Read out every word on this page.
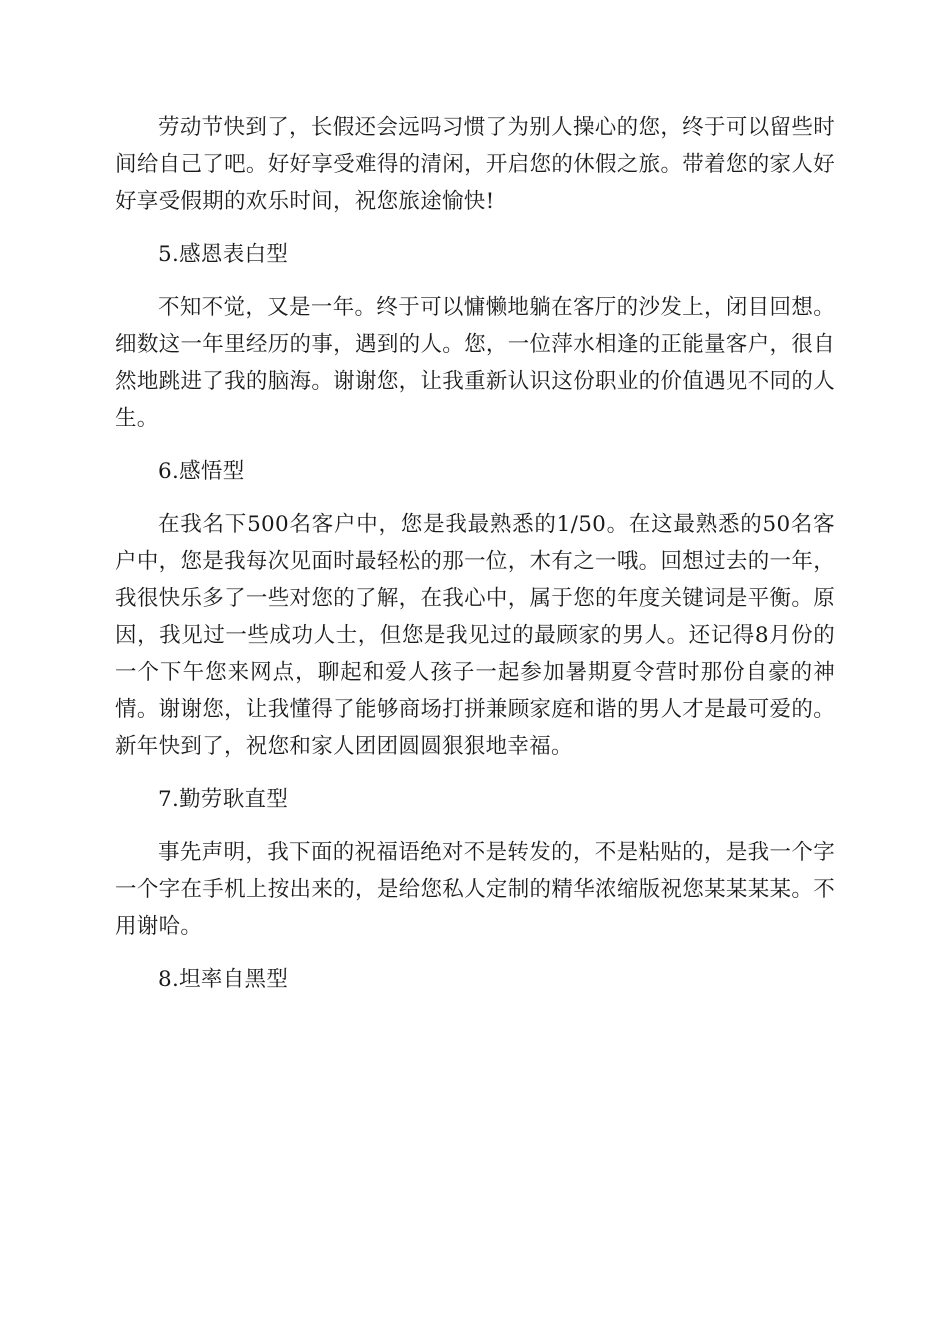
劳动节快到了，长假还会远吗习惯了为别人操心的您，终于可以留些时间给自己了吧。好好享受难得的清闲，开启您的休假之旅。带着您的家人好好享受假期的欢乐时间，祝您旅途愉快!

5.感恩表白型

不知不觉，又是一年。终于可以慵懒地躺在客厅的沙发上，闭目回想。细数这一年里经历的事，遇到的人。您，一位萍水相逢的正能量客户，很自然地跳进了我的脑海。谢谢您，让我重新认识这份职业的价值遇见不同的人生。

6.感悟型

在我名下500名客户中，您是我最熟悉的1/50。在这最熟悉的50名客户中，您是我每次见面时最轻松的那一位，木有之一哦。回想过去的一年，我很快乐多了一些对您的了解，在我心中，属于您的年度关键词是平衡。原因，我见过一些成功人士，但您是我见过的最顾家的男人。还记得8月份的一个下午您来网点，聊起和爱人孩子一起参加暑期夏令营时那份自豪的神情。谢谢您，让我懂得了能够商场打拼兼顾家庭和谐的男人才是最可爱的。新年快到了，祝您和家人团团圆圆狠狠地幸福。

7.勤劳耿直型

事先声明，我下面的祝福语绝对不是转发的，不是粘贴的，是我一个字一个字在手机上按出来的，是给您私人定制的精华浓缩版祝您某某某某。不用谢哈。

8.坦率自黑型
